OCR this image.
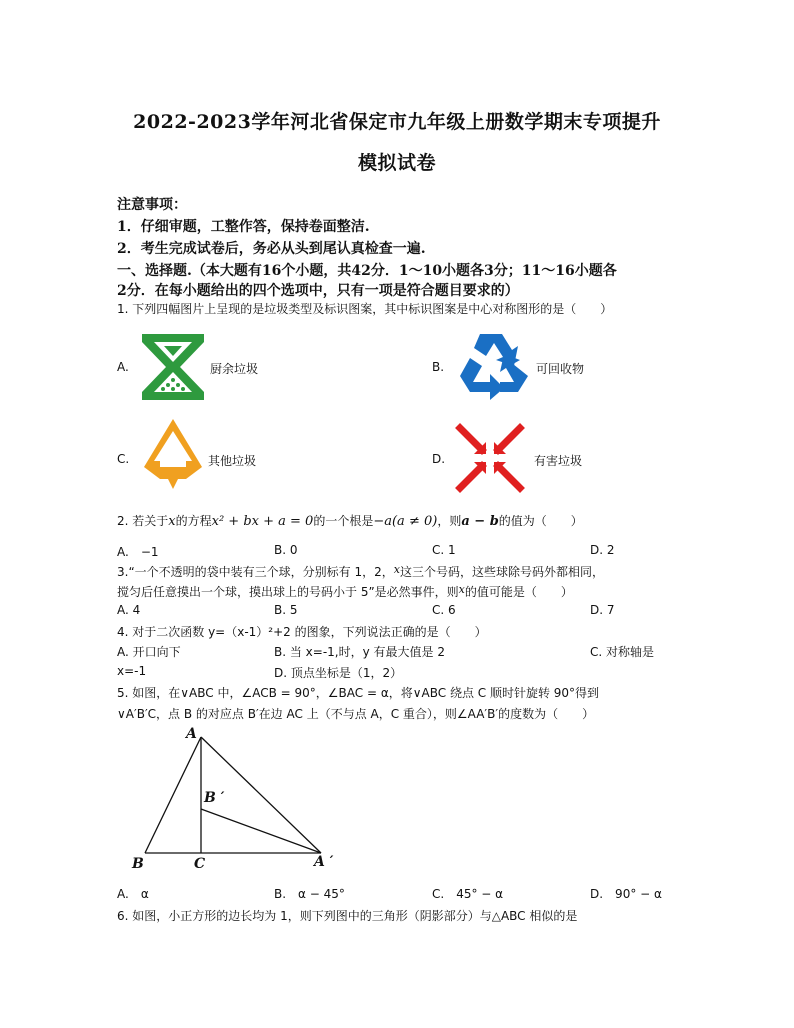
2022-2023学年河北省保定市九年级上册数学期末专项提升
模拟试卷
注意事项：
1．仔细审题，工整作答，保持卷面整洁.
2．考生完成试卷后，务必从头到尾认真检查一遍.
一、选择题.（本大题有16个小题，共42分．1～10小题各3分；11～16小题各
2分．在每小题给出的四个选项中，只有一项是符合题目要求的）
1. 下列四幅图片上呈现的是垃圾类型及标识图案，其中标识图案是中心对称图形的是（　　）
A.	厨余垃圾	B.	可回收物
C.	其他垃圾	D.	有害垃圾
2. 若关于x的方程x² + bx + a = 0的一个根是−a(a ≠ 0)，则a − b的值为（　　）
A.　−1	B. 0	C. 1	D. 2
3.“一个不透明的袋中装有三个球，分别标有 1，2，x这三个号码，这些球除号码外都相同，
搅匀后任意摸出一个球，摸出球上的号码小于 5”是必然事件，则x的值可能是（　　）
A. 4	B. 5	C. 6	D. 7
4. 对于二次函数 y=（x-1）²+2 的图象，下列说法正确的是（　　）
A. 开口向下	B. 当 x=-1,时，y 有最大值是 2	C. 对称轴是
x=-1	D. 顶点坐标是（1，2）
5. 如图，在∨ABC 中，∠ACB = 90°，∠BAC = α，将∨ABC 绕点 C 顺时针旋转 90°得到
∨A′B′C，点 B 的对应点 B′在边 AC 上（不与点 A，C 重合），则∠AA′B′的度数为（　　）
A
B ′
B	C	A ′
A.　α	B.　α − 45°	C.　45° − α	D.　90° − α
6. 如图，小正方形的边长均为 1，则下列图中的三角形（阴影部分）与△ABC 相似的是
